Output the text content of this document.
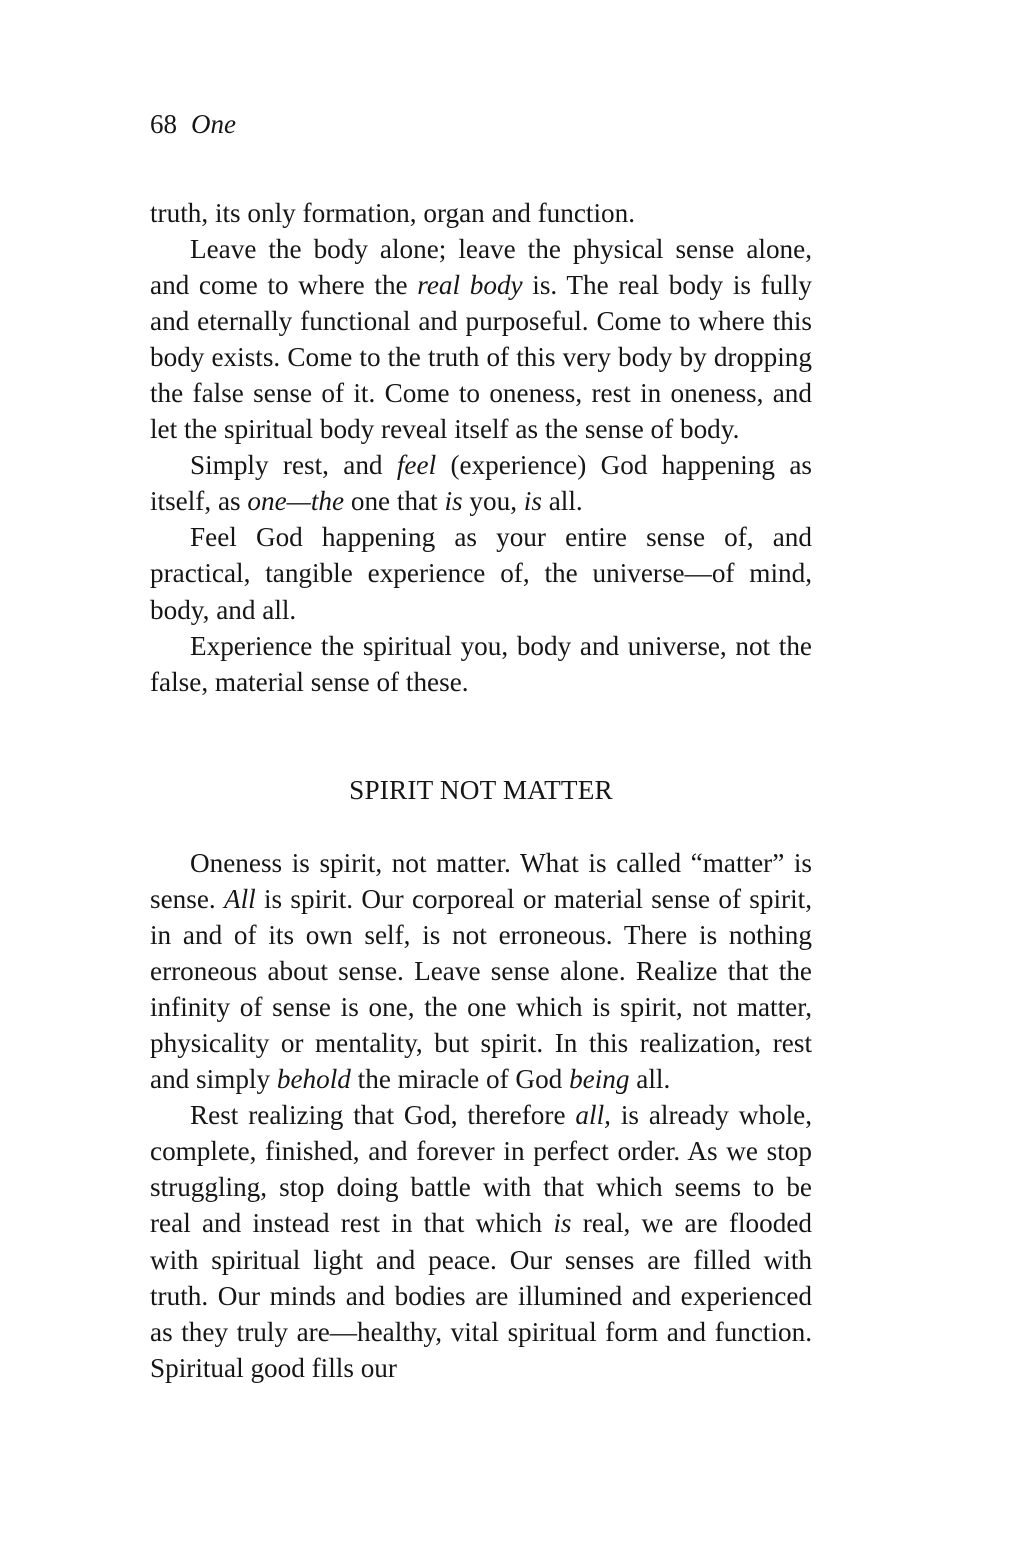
68 One

truth, its only formation, organ and function.

Leave the body alone; leave the physical sense alone, and come to where the real body is. The real body is fully and eternally functional and purposeful. Come to where this body exists. Come to the truth of this very body by dropping the false sense of it. Come to oneness, rest in oneness, and let the spiritual body reveal itself as the sense of body.

Simply rest, and feel (experience) God happening as itself, as one—the one that is you, is all.

Feel God happening as your entire sense of, and practical, tangible experience of, the universe—of mind, body, and all.

Experience the spiritual you, body and universe, not the false, material sense of these.

SPIRIT NOT MATTER

Oneness is spirit, not matter. What is called “matter” is sense. All is spirit. Our corporeal or material sense of spirit, in and of its own self, is not erroneous. There is nothing erroneous about sense. Leave sense alone. Realize that the infinity of sense is one, the one which is spirit, not matter, physicality or mentality, but spirit. In this realization, rest and simply behold the miracle of God being all.

Rest realizing that God, therefore all, is already whole, complete, finished, and forever in perfect order. As we stop struggling, stop doing battle with that which seems to be real and instead rest in that which is real, we are flooded with spiritual light and peace. Our senses are filled with truth. Our minds and bodies are illumined and experienced as they truly are—healthy, vital spiritual form and function. Spiritual good fills our
